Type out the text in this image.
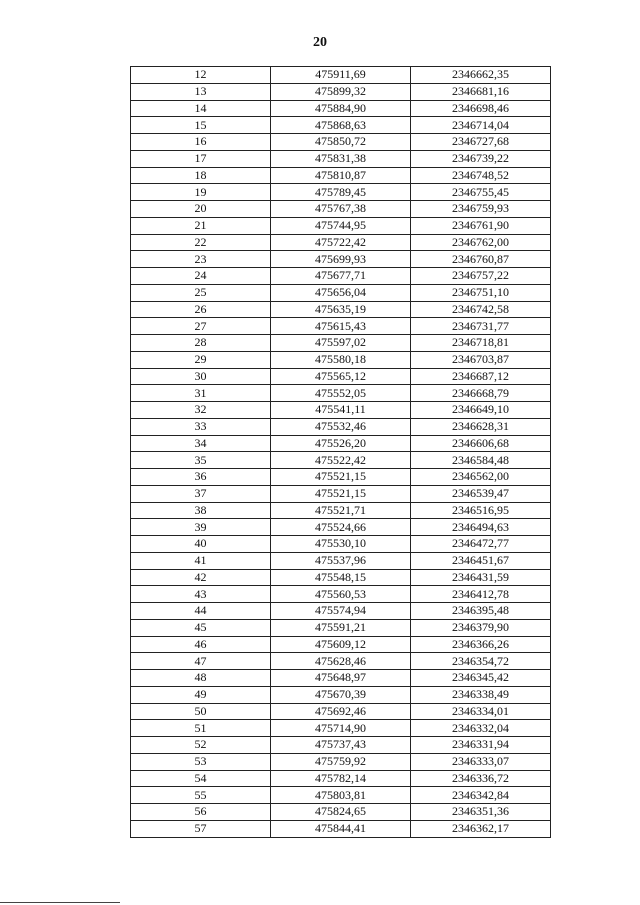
20
12	475911,69	2346662,35
13	475899,32	2346681,16
14	475884,90	2346698,46
15	475868,63	2346714,04
16	475850,72	2346727,68
17	475831,38	2346739,22
18	475810,87	2346748,52
19	475789,45	2346755,45
20	475767,38	2346759,93
21	475744,95	2346761,90
22	475722,42	2346762,00
23	475699,93	2346760,87
24	475677,71	2346757,22
25	475656,04	2346751,10
26	475635,19	2346742,58
27	475615,43	2346731,77
28	475597,02	2346718,81
29	475580,18	2346703,87
30	475565,12	2346687,12
31	475552,05	2346668,79
32	475541,11	2346649,10
33	475532,46	2346628,31
34	475526,20	2346606,68
35	475522,42	2346584,48
36	475521,15	2346562,00
37	475521,15	2346539,47
38	475521,71	2346516,95
39	475524,66	2346494,63
40	475530,10	2346472,77
41	475537,96	2346451,67
42	475548,15	2346431,59
43	475560,53	2346412,78
44	475574,94	2346395,48
45	475591,21	2346379,90
46	475609,12	2346366,26
47	475628,46	2346354,72
48	475648,97	2346345,42
49	475670,39	2346338,49
50	475692,46	2346334,01
51	475714,90	2346332,04
52	475737,43	2346331,94
53	475759,92	2346333,07
54	475782,14	2346336,72
55	475803,81	2346342,84
56	475824,65	2346351,36
57	475844,41	2346362,17
